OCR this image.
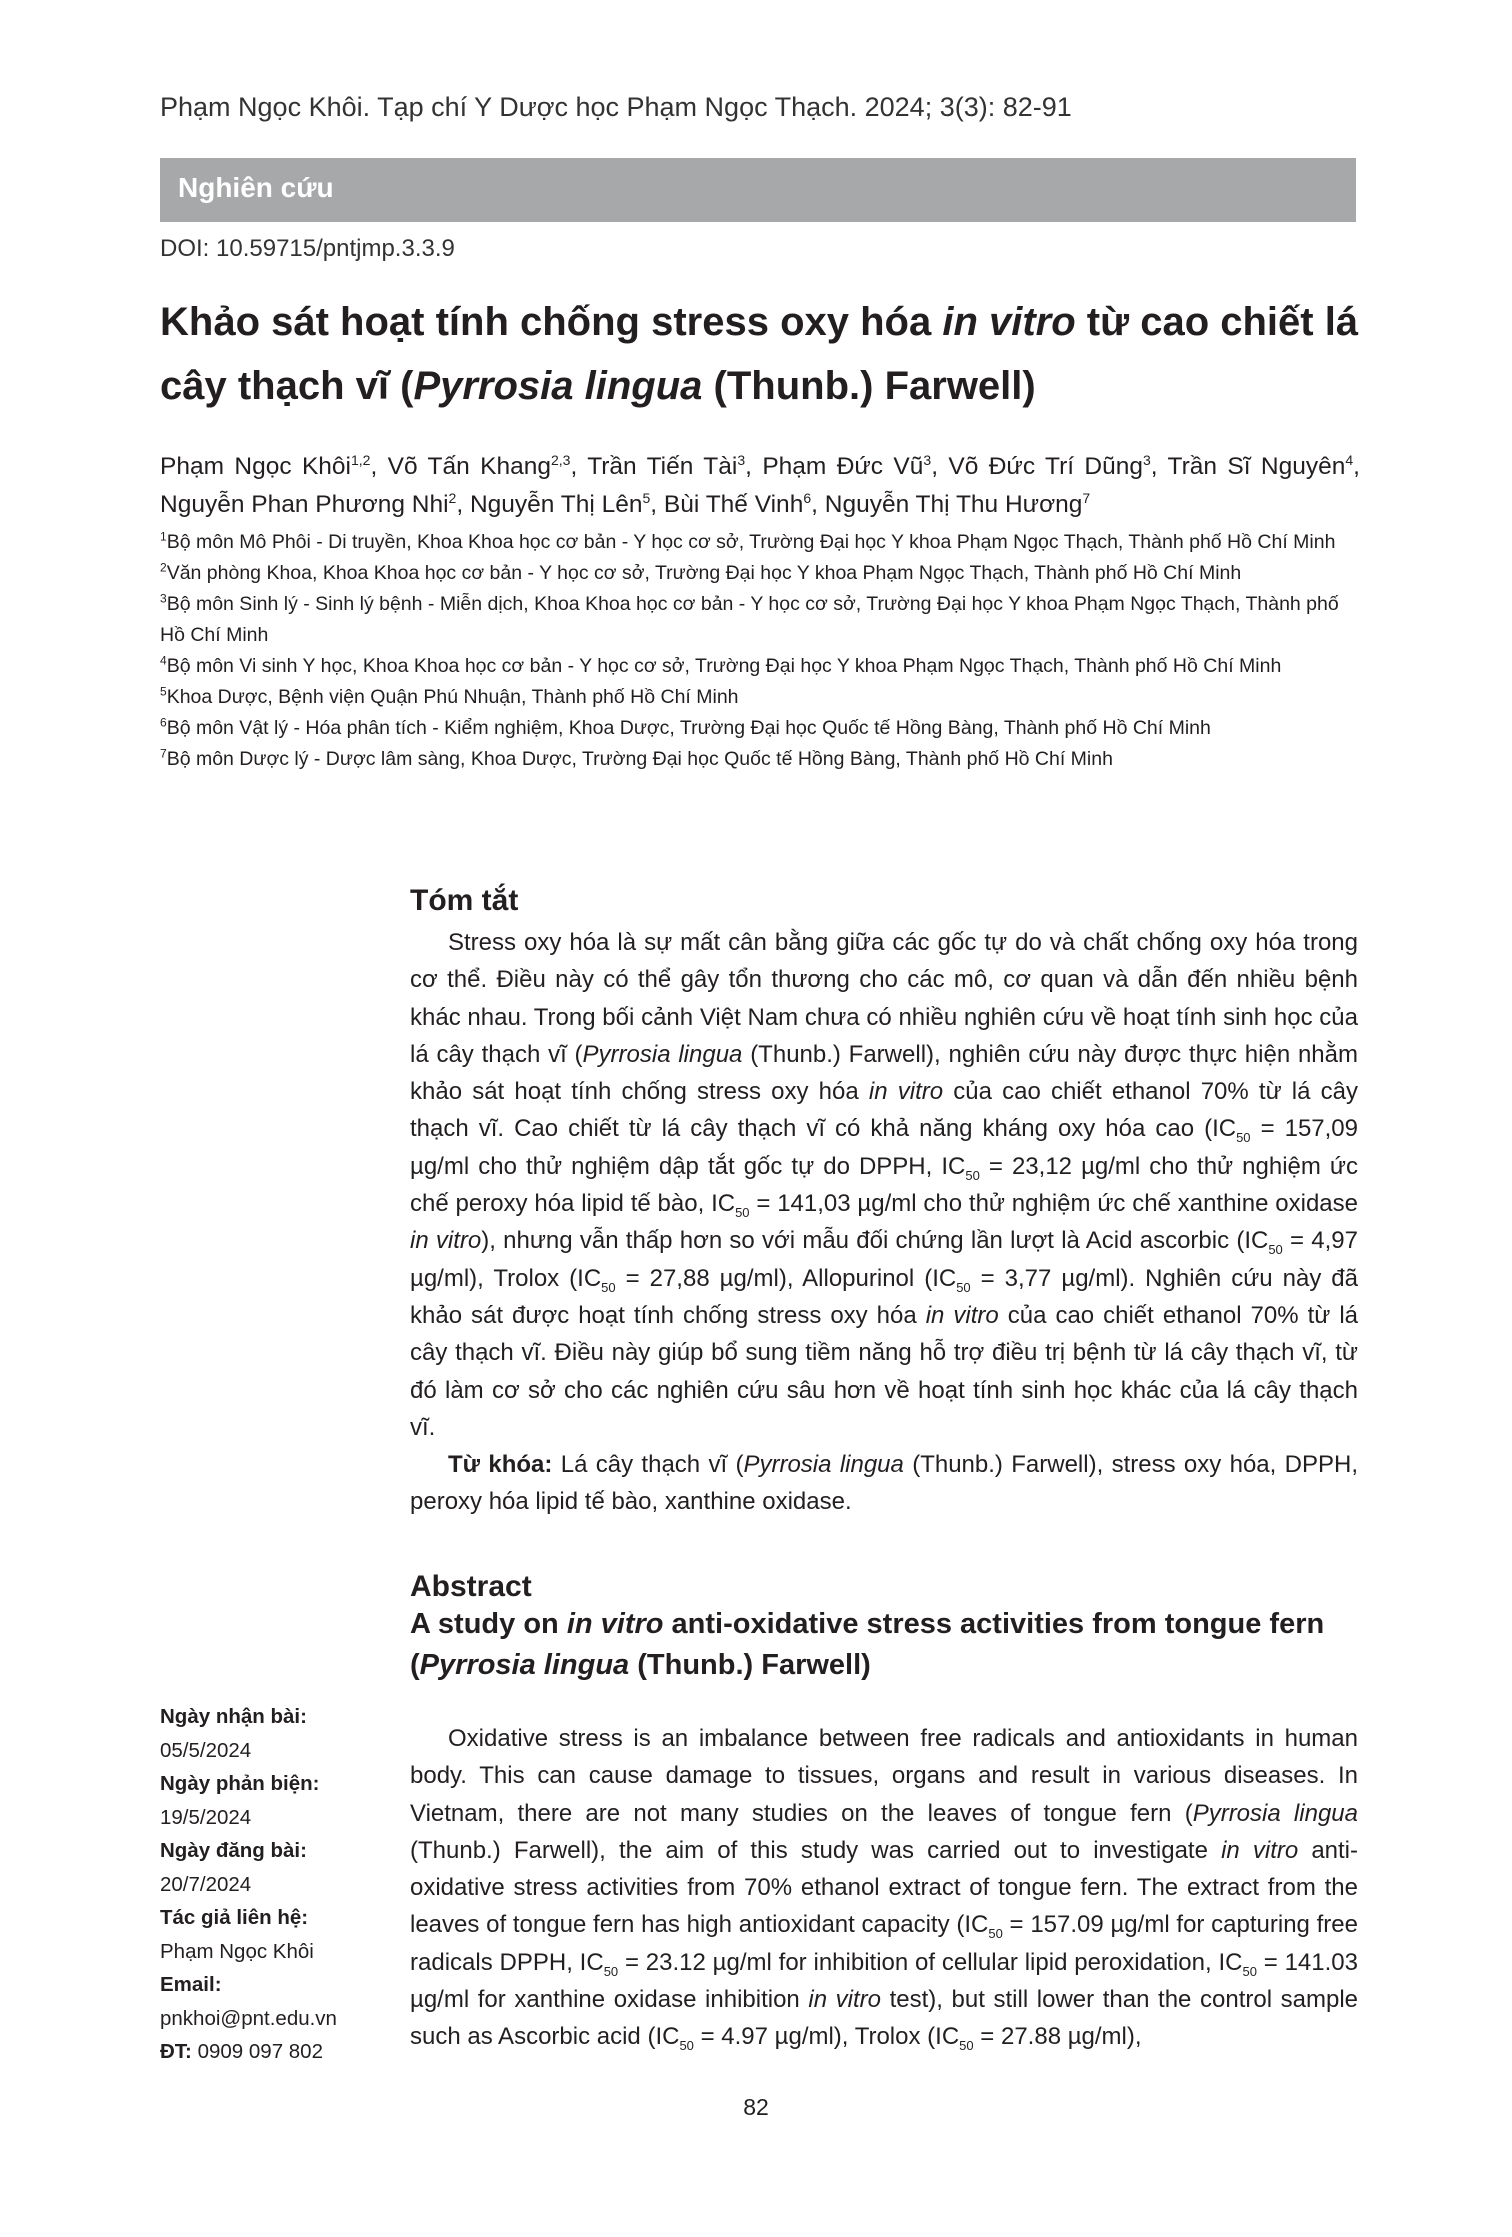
Phạm Ngọc Khôi. Tạp chí Y Dược học Phạm Ngọc Thạch. 2024; 3(3): 82-91
Nghiên cứu
DOI: 10.59715/pntjmp.3.3.9
Khảo sát hoạt tính chống stress oxy hóa in vitro từ cao chiết lá cây thạch vĩ (Pyrrosia lingua (Thunb.) Farwell)
Phạm Ngọc Khôi$^{1,2}$, Võ Tấn Khang$^{2,3}$, Trần Tiến Tài$^3$, Phạm Đức $Vũ^3$, Võ Đức Trí Dũng$^3$, Trần Sĩ Nguyên$^4$, Nguyễn Phan Phương Nhi$^2$, Nguyễn Thị Lên$^5$, Bùi Thế Vinh$^6$, Nguyễn Thị Thu Hương$^7$

$^1$Bộ môn Mô Phôi - Di truyền, Khoa Khoa học cơ bản - Y học cơ sở, Trường Đại học Y khoa Phạm Ngọc Thạch, Thành phố Hồ Chí Minh

$^2$Văn phòng Khoa, Khoa Khoa học cơ bản - Y học cơ sở, Trường Đại học Y khoa Phạm Ngọc Thạch, Thành phố Hồ Chí Minh

$^3$Bộ môn Sinh lý - Sinh lý bệnh - Miễn dịch, Khoa Khoa học cơ bản - Y học cơ sở, Trường Đại học Y khoa Phạm Ngọc Thạch, Thành phố Hồ Chí Minh

$^4$Bộ môn Vi sinh Y học, Khoa Khoa học cơ bản - Y học cơ sở, Trường Đại học Y khoa Phạm Ngọc Thạch, Thành phố Hồ Chí Minh

$^5$Khoa Dược, Bệnh viện Quận Phú Nhuận, Thành phố Hồ Chí Minh

$^6$Bộ môn Vật lý - Hóa phân tích - Kiểm nghiệm, Khoa Dược, Trường Đại học Quốc tế Hồng Bàng, Thành phố Hồ Chí Minh

$^7$Bộ môn Dược lý - Dược lâm sàng, Khoa Dược, Trường Đại học Quốc tế Hồng Bàng, Thành phố Hồ Chí Minh

Tóm tắt

Stress oxy hóa là sự mất cân bằng giữa các gốc tự do và chất chống oxy hóa trong cơ thể. Điều này có thể gây tổn thương cho các mô, cơ quan và dẫn đến nhiều bệnh khác nhau. Trong bối cảnh Việt Nam chưa có nhiều nghiên cứu về hoạt tính sinh học của lá cây thạch vĩ (Pyrrosia lingua (Thunb.) Farwell), nghiên cứu này được thực hiện nhằm khảo sát hoạt tính chống stress oxy hóa in vitro của cao chiết ethanol 70% từ lá cây thạch vĩ. Cao chiết từ lá cây thạch vĩ có khả năng kháng oxy hóa cao ($IC_{50} = 157,09$ µg/ml cho thử nghiệm dập tắt gốc tự do DPPH, $IC_{50} = 23,12$ µg/ml cho thử nghiệm ức chế peroxy hóa lipid tế bào, $IC_{50} = 141,03$ µg/ml cho thử nghiệm ức chế xanthine oxidase in vitro), nhưng vẫn thấp hơn so với mẫu đối chứng lần lượt là Acid ascorbic ($IC_{50} = 4,97$ µg/ml), Trolox ($IC_{50} = 27,88$ µg/ml), Allopurinol ($IC_{50} = 3,77$ µg/ml). Nghiên cứu này đã khảo sát được hoạt tính chống stress oxy hóa in vitro của cao chiết ethanol 70% từ lá cây thạch vĩ. Điều này giúp bổ sung tiềm năng hỗ trợ điều trị bệnh từ lá cây thạch vĩ, từ đó làm cơ sở cho các nghiên cứu sâu hơn về hoạt tính sinh học khác của lá cây thạch vĩ.

Từ khóa: Lá cây thạch vĩ (Pyrrosia lingua (Thunb.) Farwell), stress oxy hóa, DPPH, peroxy hóa lipid tế bào, xanthine oxidase.

Abstract
A study on in vitro anti-oxidative stress activities from tongue fern (Pyrrosia lingua (Thunb.) Farwell)

Oxidative stress is an imbalance between free radicals and antioxidants in human body. This can cause damage to tissues, organs and result in various diseases. In Vietnam, there are not many studies on the leaves of tongue fern (Pyrrosia lingua (Thunb.) Farwell), the aim of this study was carried out to investigate in vitro anti-oxidative stress activities from 70% ethanol extract of tongue fern. The extract from the leaves of tongue fern has high antioxidant capacity ($IC_{50} = 157.09$ µg/ml for capturing free radicals DPPH, $IC_{50} = 23.12$ µg/ml for inhibition of cellular lipid peroxidation, $IC_{50} = 141.03$ µg/ml for xanthine oxidase inhibition in vitro test), but still lower than the control sample such as Ascorbic acid ($IC_{50} = 4.97$ µg/ml), Trolox ($IC_{50} = 27.88$ µg/ml),

Ngày nhận bài:
05/5/2024
Ngày phản biện:
19/5/2024
Ngày đăng bài:
20/7/2024
Tác giả liên hệ:
Phạm Ngọc Khôi
Email:
pnkhoi@pnt.edu.vn
ĐT: 0909 097 802
82
